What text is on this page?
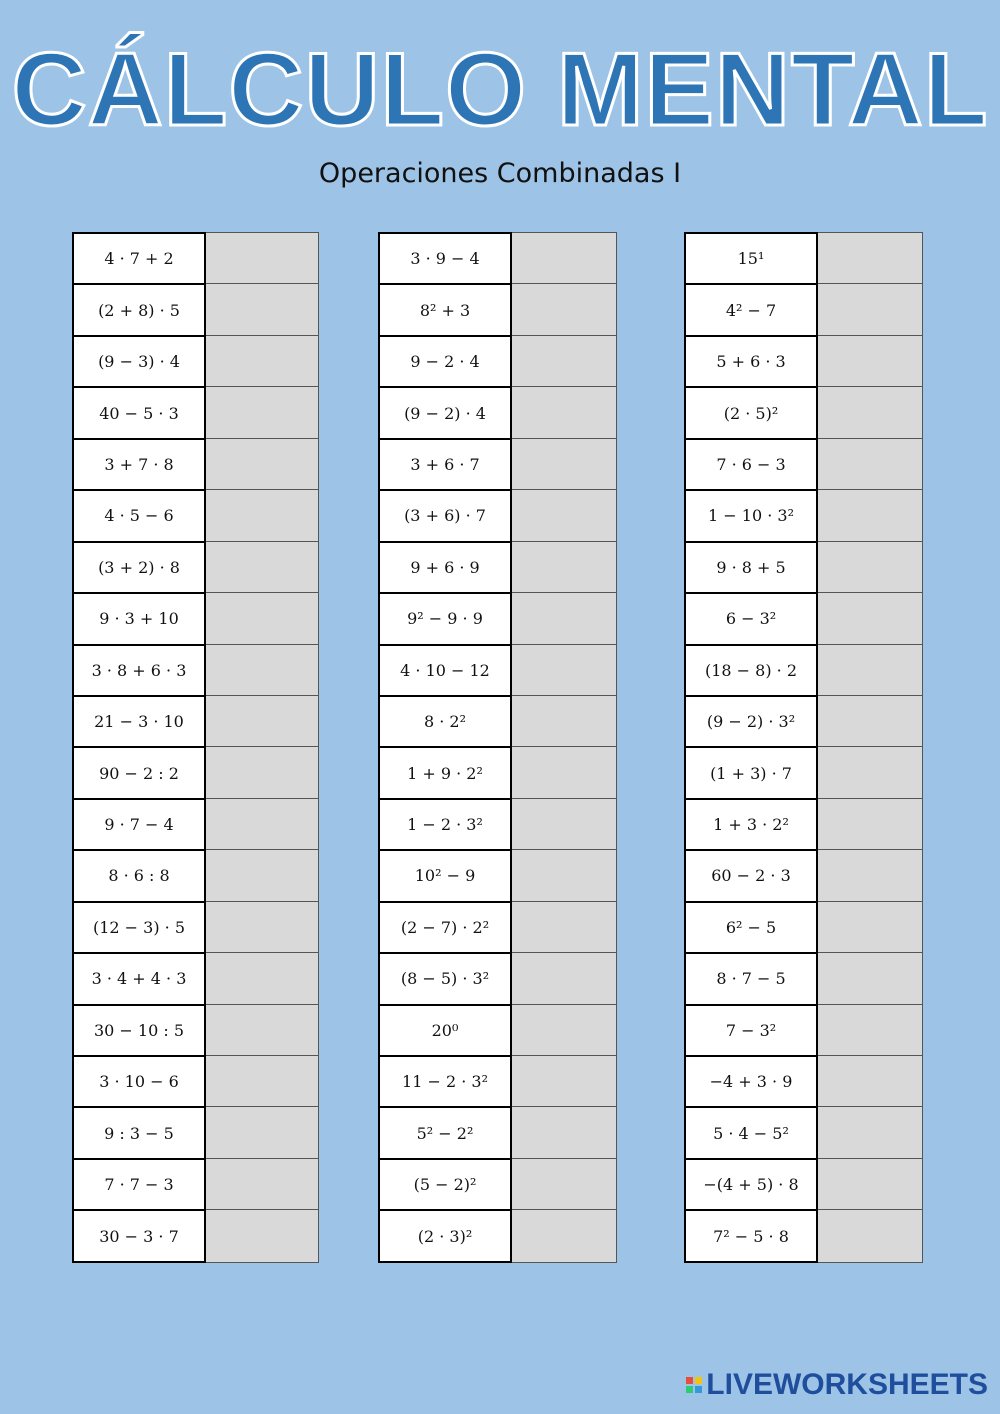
CÁLCULO MENTAL
Operaciones Combinadas I
4 · 7 + 2
(2 + 8) · 5
(9 − 3) · 4
40 − 5 · 3
3 + 7 · 8
4 · 5 − 6
(3 + 2) · 8
9 · 3 + 10
3 · 8 + 6 · 3
21 − 3 · 10
90 − 2 : 2
9 · 7 − 4
8 · 6 : 8
(12 − 3) · 5
3 · 4 + 4 · 3
30 − 10 : 5
3 · 10 − 6
9 : 3 − 5
7 · 7 − 3
30 − 3 · 7
3 · 9 − 4
8² + 3
9 − 2 · 4
(9 − 2) · 4
3 + 6 · 7
(3 + 6) · 7
9 + 6 · 9
9² − 9 · 9
4 · 10 − 12
8 · 2²
1 + 9 · 2²
1 − 2 · 3²
10² − 9
(2 − 7) · 2²
(8 − 5) · 3²
20⁰
11 − 2 · 3²
5² − 2²
(5 − 2)²
(2 · 3)²
15¹
4² − 7
5 + 6 · 3
(2 · 5)²
7 · 6 − 3
1 − 10 · 3²
9 · 8 + 5
6 − 3²
(18 − 8) · 2
(9 − 2) · 3²
(1 + 3) · 7
1 + 3 · 2²
60 − 2 · 3
6² − 5
8 · 7 − 5
7 − 3²
−4 + 3 · 9
5 · 4 − 5²
−(4 + 5) · 8
7² − 5 · 8
LIVEWORKSHEETS
